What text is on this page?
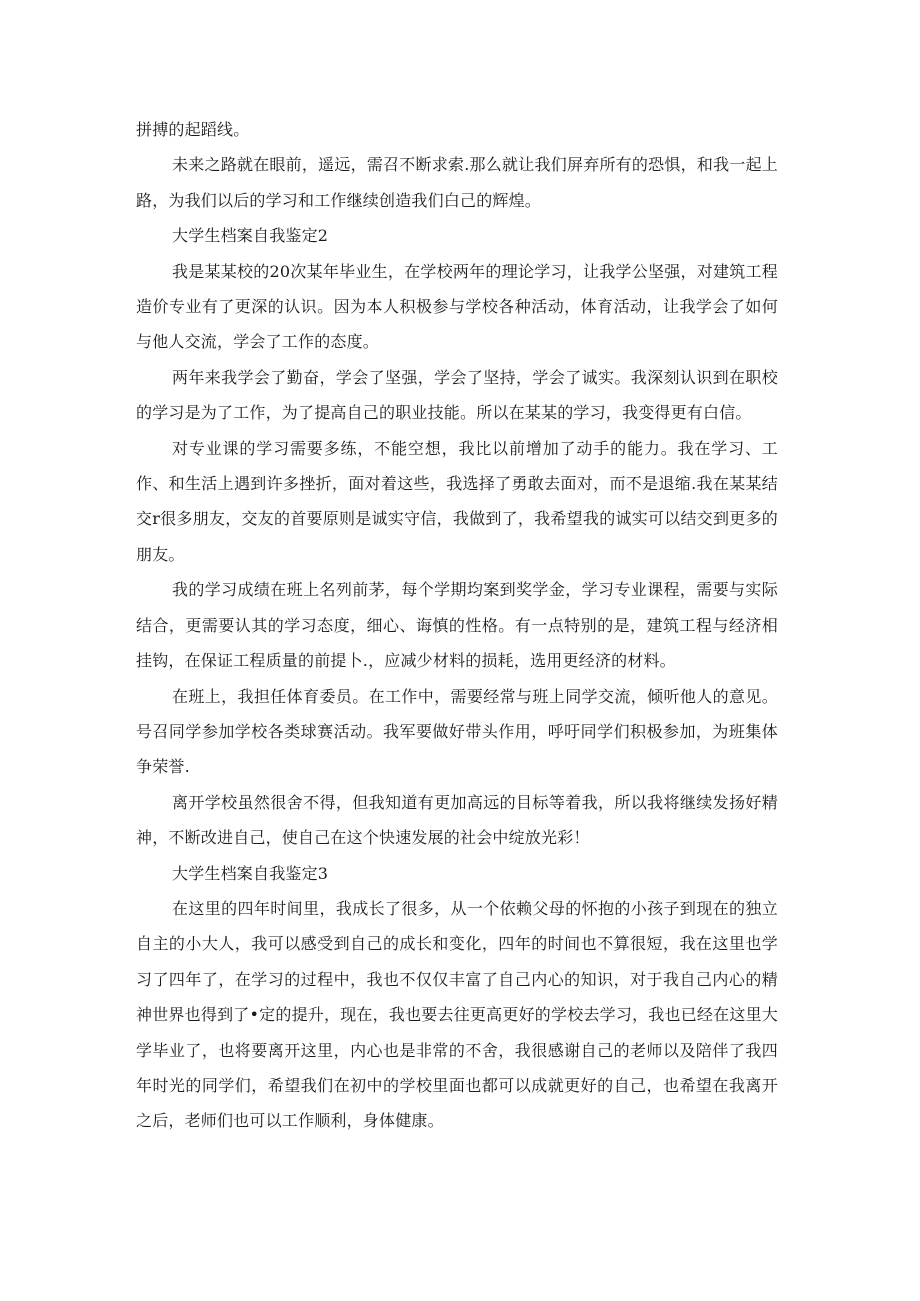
拼搏的起蹈线。

未来之路就在眼前，遥远，需召不断求索.那么就让我们屏弃所有的恐惧，和我一起上路，为我们以后的学习和工作继续创造我们白己的辉煌。

大学生档案自我鉴定2

我是某某校的20次某年毕业生，在学校两年的理论学习，让我学公坚强，对建筑工程造价专业有了更深的认识。因为本人积极参与学校各种活动，体育活动，让我学会了如何与他人交流，学会了工作的态度。

两年来我学会了勤奋，学会了坚强，学会了坚持，学会了诚实。我深刻认识到在职校的学习是为了工作，为了提高自己的职业技能。所以在某某的学习，我变得更有白信。

对专业课的学习需要多练，不能空想，我比以前增加了动手的能力。我在学习、工作、和生活上遇到许多挫折，面对着这些，我选择了勇敢去面对，而不是退缩.我在某某结交r很多朋友，交友的首要原则是诚实守信，我做到了，我希望我的诚实可以结交到更多的朋友。

我的学习成绩在班上名列前茅，每个学期均案到奖学金，学习专业课程，需要与实际结合，更需要认其的学习态度，细心、诲慎的性格。有一点特别的是，建筑工程与经济相挂钩，在保证工程质量的前提卜.，应减少材料的损耗，选用更经济的材料。

在班上，我担任体育委员。在工作中，需要经常与班上同学交流，倾听他人的意见。号召同学参加学校各类球赛活动。我军要做好带头作用，呼吁同学们积极参加，为班集体争荣誉.

离开学校虽然很舍不得，但我知道有更加高远的目标等着我，所以我将继续发扬好精神，不断改进自己，使自己在这个快速发展的社会中绽放光彩！

大学生档案自我鉴定3

在这里的四年时间里，我成长了很多，从一个依赖父母的怀抱的小孩子到现在的独立自主的小大人，我可以感受到自己的成长和变化，四年的时间也不算很短，我在这里也学习了四年了，在学习的过程中，我也不仅仅丰富了自己内心的知识，对于我自己内心的精神世界也得到了•定的提升，现在，我也要去往更高更好的学校去学习，我也已经在这里大学毕业了，也将要离开这里，内心也是非常的不舍，我很感谢自己的老师以及陪伴了我四年时光的同学们，希望我们在初中的学校里面也都可以成就更好的自己，也希望在我离开之后，老师们也可以工作顺利，身体健康。
